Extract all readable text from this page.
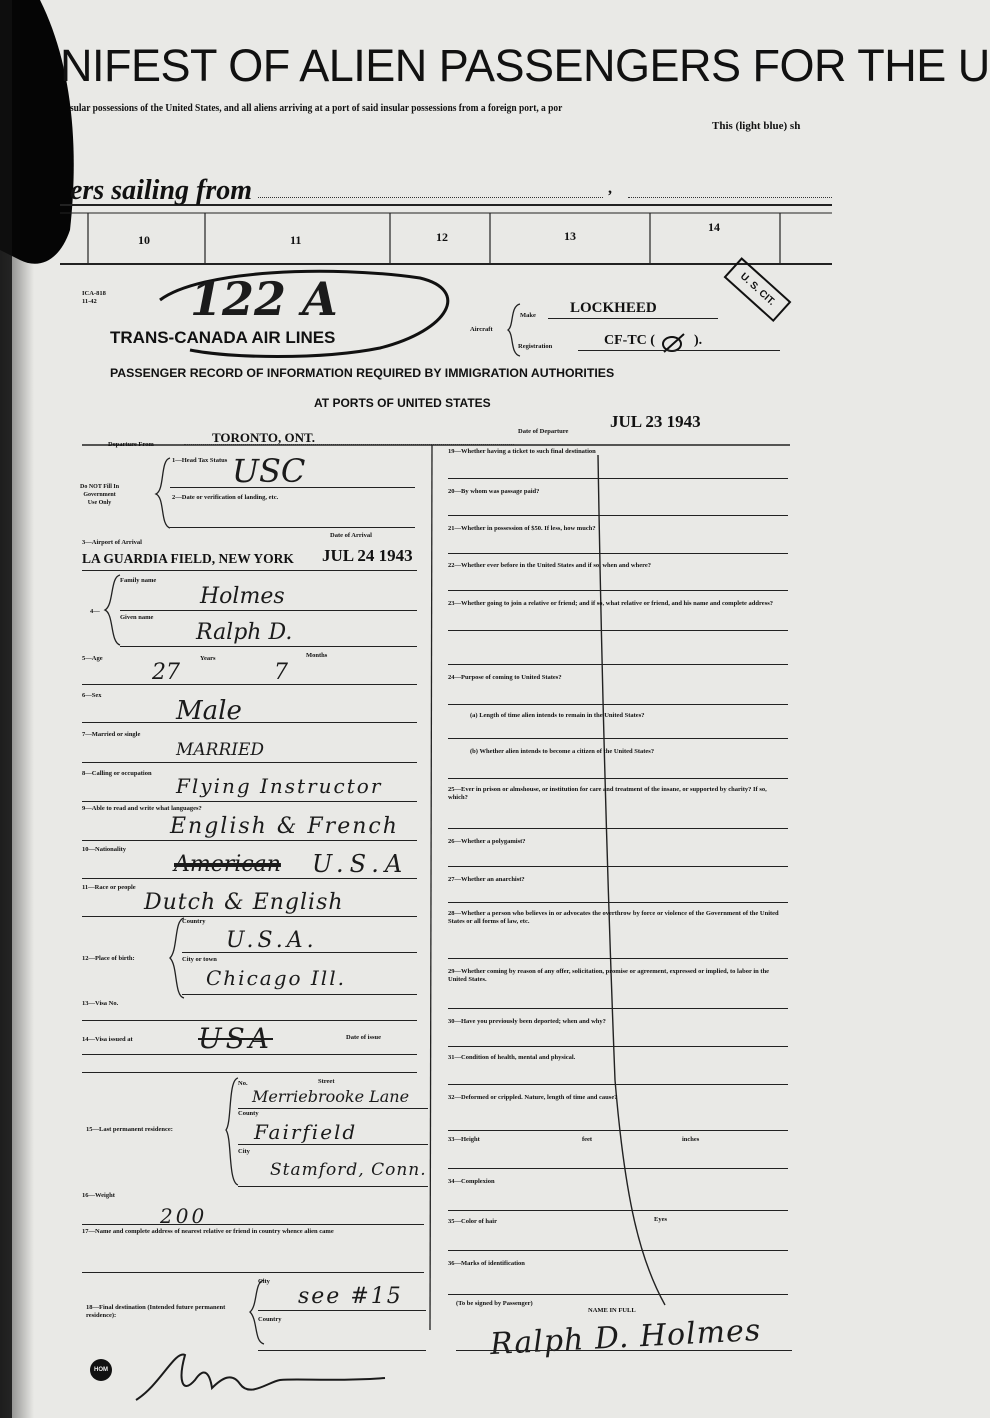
NIFEST OF ALIEN PASSENGERS FOR THE U
sular possessions of the United States, and all aliens arriving at a port of said insular possessions from a foreign port, a por
This (light blue) sh
ers sailing from	,
10	11	12	13
14
ICA-818
11-42 122 A
TRANS-CANADA AIR LINES	Aircraft
Make LOCKHEED
Registration	CF-TC (	).
U. S. CIT.
PASSENGER RECORD OF INFORMATION REQUIRED BY IMMIGRATION AUTHORITIES
AT PORTS OF UNITED STATES
Departure From	TORONTO, ONT.	Date of Departure
JUL 23 1943
Do NOT Fill In
Government
Use Only
1—Head Tax Status USC
2—Date or verification of landing, etc.
3—Airport of Arrival
Date of Arrival
LA GUARDIA FIELD, NEW YORK JUL 24 1943
4—
Family name
Holmes
Given name
Ralph D.
5—Age	Years	Months
27	7
6—Sex
Male
7—Married or single
MARRIED
8—Calling or occupation
Flying Instructor
9—Able to read and write what languages?
English & French
10—Nationality
American U.S.A
11—Race or people
Dutch & English
12—Place of birth:
Country
U.S.A.
City or town
Chicago Ill.
13—Visa No.
14—Visa issued at USA	Date of issue
15—Last permanent residence:
No.	Street
Merriebrooke Lane
County
Fairfield
City
Stamford, Conn.
16—Weight
200
17—Name and complete address of nearest relative or friend in country whence alien came
18—Final destination (Intended future permanent residence):
City
see #15
Country
19—Whether having a ticket to such final destination
20—By whom was passage paid?
21—Whether in possession of $50. If less, how much?
22—Whether ever before in the United States and if so, when and where?
23—Whether going to join a relative or friend; and if so, what relative or friend, and his name and complete address?
24—Purpose of coming to United States?
(a) Length of time alien intends to remain in the United States?
(b) Whether alien intends to become a citizen of the United States?
25—Ever in prison or almshouse, or institution for care and treatment of the insane, or supported by charity? If so, which?
26—Whether a polygamist?
27—Whether an anarchist?
28—Whether a person who believes in or advocates the overthrow by force or violence of the Government of the United States or all forms of law, etc.
29—Whether coming by reason of any offer, solicitation, promise or agreement, expressed or implied, to labor in the United States.
30—Have you previously been deported; when and why?
31—Condition of health, mental and physical.
32—Deformed or crippled. Nature, length of time and cause?
33—Height	feet	inches
34—Complexion
35—Color of hair	Eyes
36—Marks of identification
(To be signed by Passenger)
NAME IN FULL
Ralph D. Holmes
HOM
